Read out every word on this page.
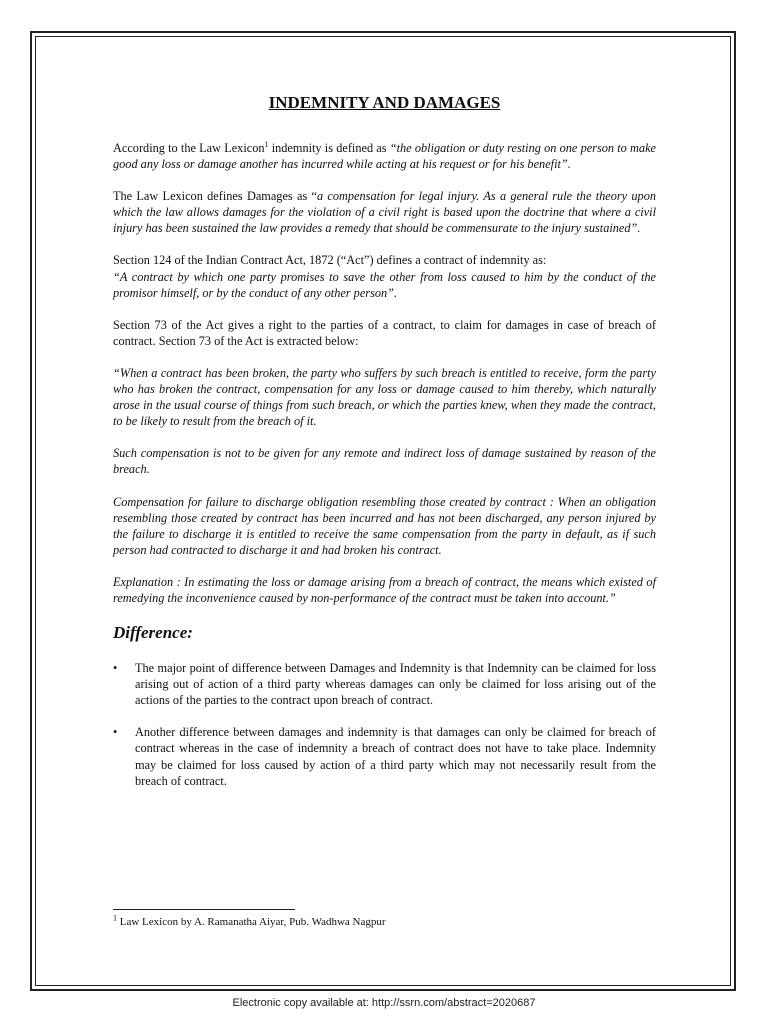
INDEMNITY AND DAMAGES

According to the Law Lexicon$^1$ indemnity is defined as “the obligation or duty resting on one person to make good any loss or damage another has incurred while acting at his request or for his benefit”.

The Law Lexicon defines Damages as “a compensation for legal injury. As a general rule the theory upon which the law allows damages for the violation of a civil right is based upon the doctrine that where a civil injury has been sustained the law provides a remedy that should be commensurate to the injury sustained”.

Section 124 of the Indian Contract Act, 1872 (“Act”) defines a contract of indemnity as:
“A contract by which one party promises to save the other from loss caused to him by the conduct of the promisor himself, or by the conduct of any other person”.

Section 73 of the Act gives a right to the parties of a contract, to claim for damages in case of breach of contract. Section 73 of the Act is extracted below:

“When a contract has been broken, the party who suffers by such breach is entitled to receive, form the party who has broken the contract, compensation for any loss or damage caused to him thereby, which naturally arose in the usual course of things from such breach, or which the parties knew, when they made the contract, to be likely to result from the breach of it.

Such compensation is not to be given for any remote and indirect loss of damage sustained by reason of the breach.

Compensation for failure to discharge obligation resembling those created by contract : When an obligation resembling those created by contract has been incurred and has not been discharged, any person injured by the failure to discharge it is entitled to receive the same compensation from the party in default, as if such person had contracted to discharge it and had broken his contract.

Explanation : In estimating the loss or damage arising from a breach of contract, the means which existed of remedying the inconvenience caused by non-performance of the contract must be taken into account.”

Difference:
• The major point of difference between Damages and Indemnity is that Indemnity can be claimed for loss arising out of action of a third party whereas damages can only be claimed for loss arising out of the actions of the parties to the contract upon breach of contract.
• Another difference between damages and indemnity is that damages can only be claimed for breach of contract whereas in the case of indemnity a breach of contract does not have to take place. Indemnity may be claimed for loss caused by action of a third party which may not necessarily result from the breach of contract.
$^1$ Law Lexicon by A. Ramanatha Aiyar, Pub. Wadhwa Nagpur
Electronic copy available at: http://ssrn.com/abstract=2020687
